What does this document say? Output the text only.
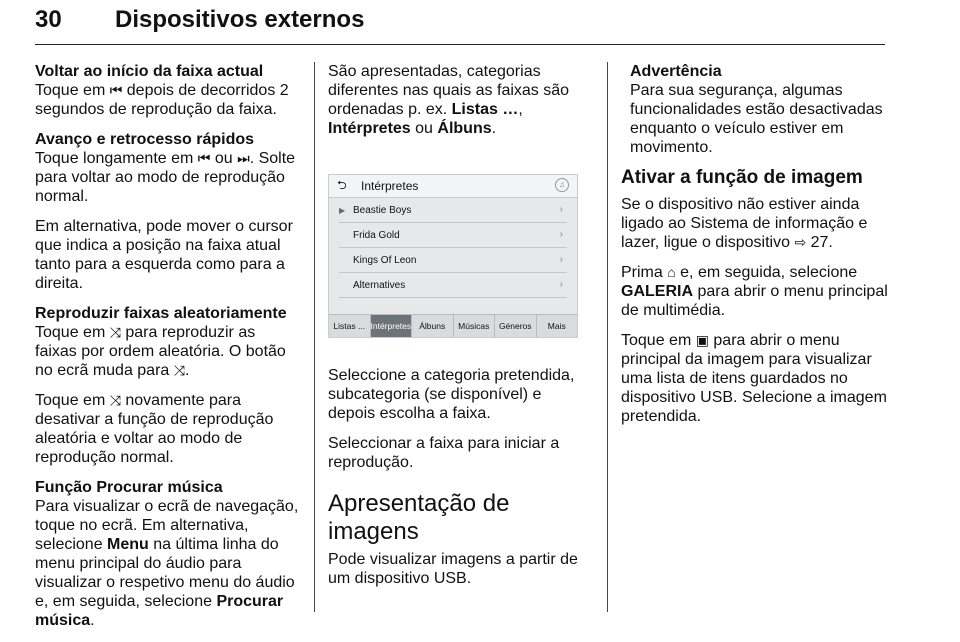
30 Dispositivos externos
Voltar ao início da faixa actual

Toque em ⏮ depois de decorridos 2 segundos de reprodução da faixa.

Avanço e retrocesso rápidos

Toque longamente em ⏮ ou ⏭. Solte para voltar ao modo de reprodução normal.

Em alternativa, pode mover o cursor que indica a posição na faixa atual tanto para a esquerda como para a direita.

Reproduzir faixas aleatoriamente

Toque em ⤨ para reproduzir as faixas por ordem aleatória. O botão no ecrã muda para ⤨.

Toque em ⤨ novamente para desativar a função de reprodução aleatória e voltar ao modo de reprodução normal.

Função Procurar música

Para visualizar o ecrã de navegação, toque no ecrã. Em alternativa, selecione Menu na última linha do menu principal do áudio para visualizar o respetivo menu do áudio e, em seguida, selecione Procurar música.

São apresentadas, categorias diferentes nas quais as faixas são ordenadas p. ex. Listas …, Intérpretes ou Álbuns.

⮌ Intérpretes	♫
▶ Beastie Boys	›
Frida Gold	›
Kings Of Leon	›
Alternatives	›
Listas ... Intérpretes Álbuns	Músicas	Géneros	Mais

Seleccione a categoria pretendida, subcategoria (se disponível) e depois escolha a faixa.

Seleccionar a faixa para iniciar a reprodução.

Apresentação de imagens

Pode visualizar imagens a partir de um dispositivo USB.

Advertência
Para sua segurança, algumas funcionalidades estão desactivadas enquanto o veículo estiver em movimento.
Ativar a função de imagem

Se o dispositivo não estiver ainda ligado ao Sistema de informação e lazer, ligue o dispositivo ⇨ 27.

Prima ⌂ e, em seguida, selecione GALERIA para abrir o menu principal de multimédia.

Toque em ▣ para abrir o menu principal da imagem para visualizar uma lista de itens guardados no dispositivo USB. Selecione a imagem pretendida.
